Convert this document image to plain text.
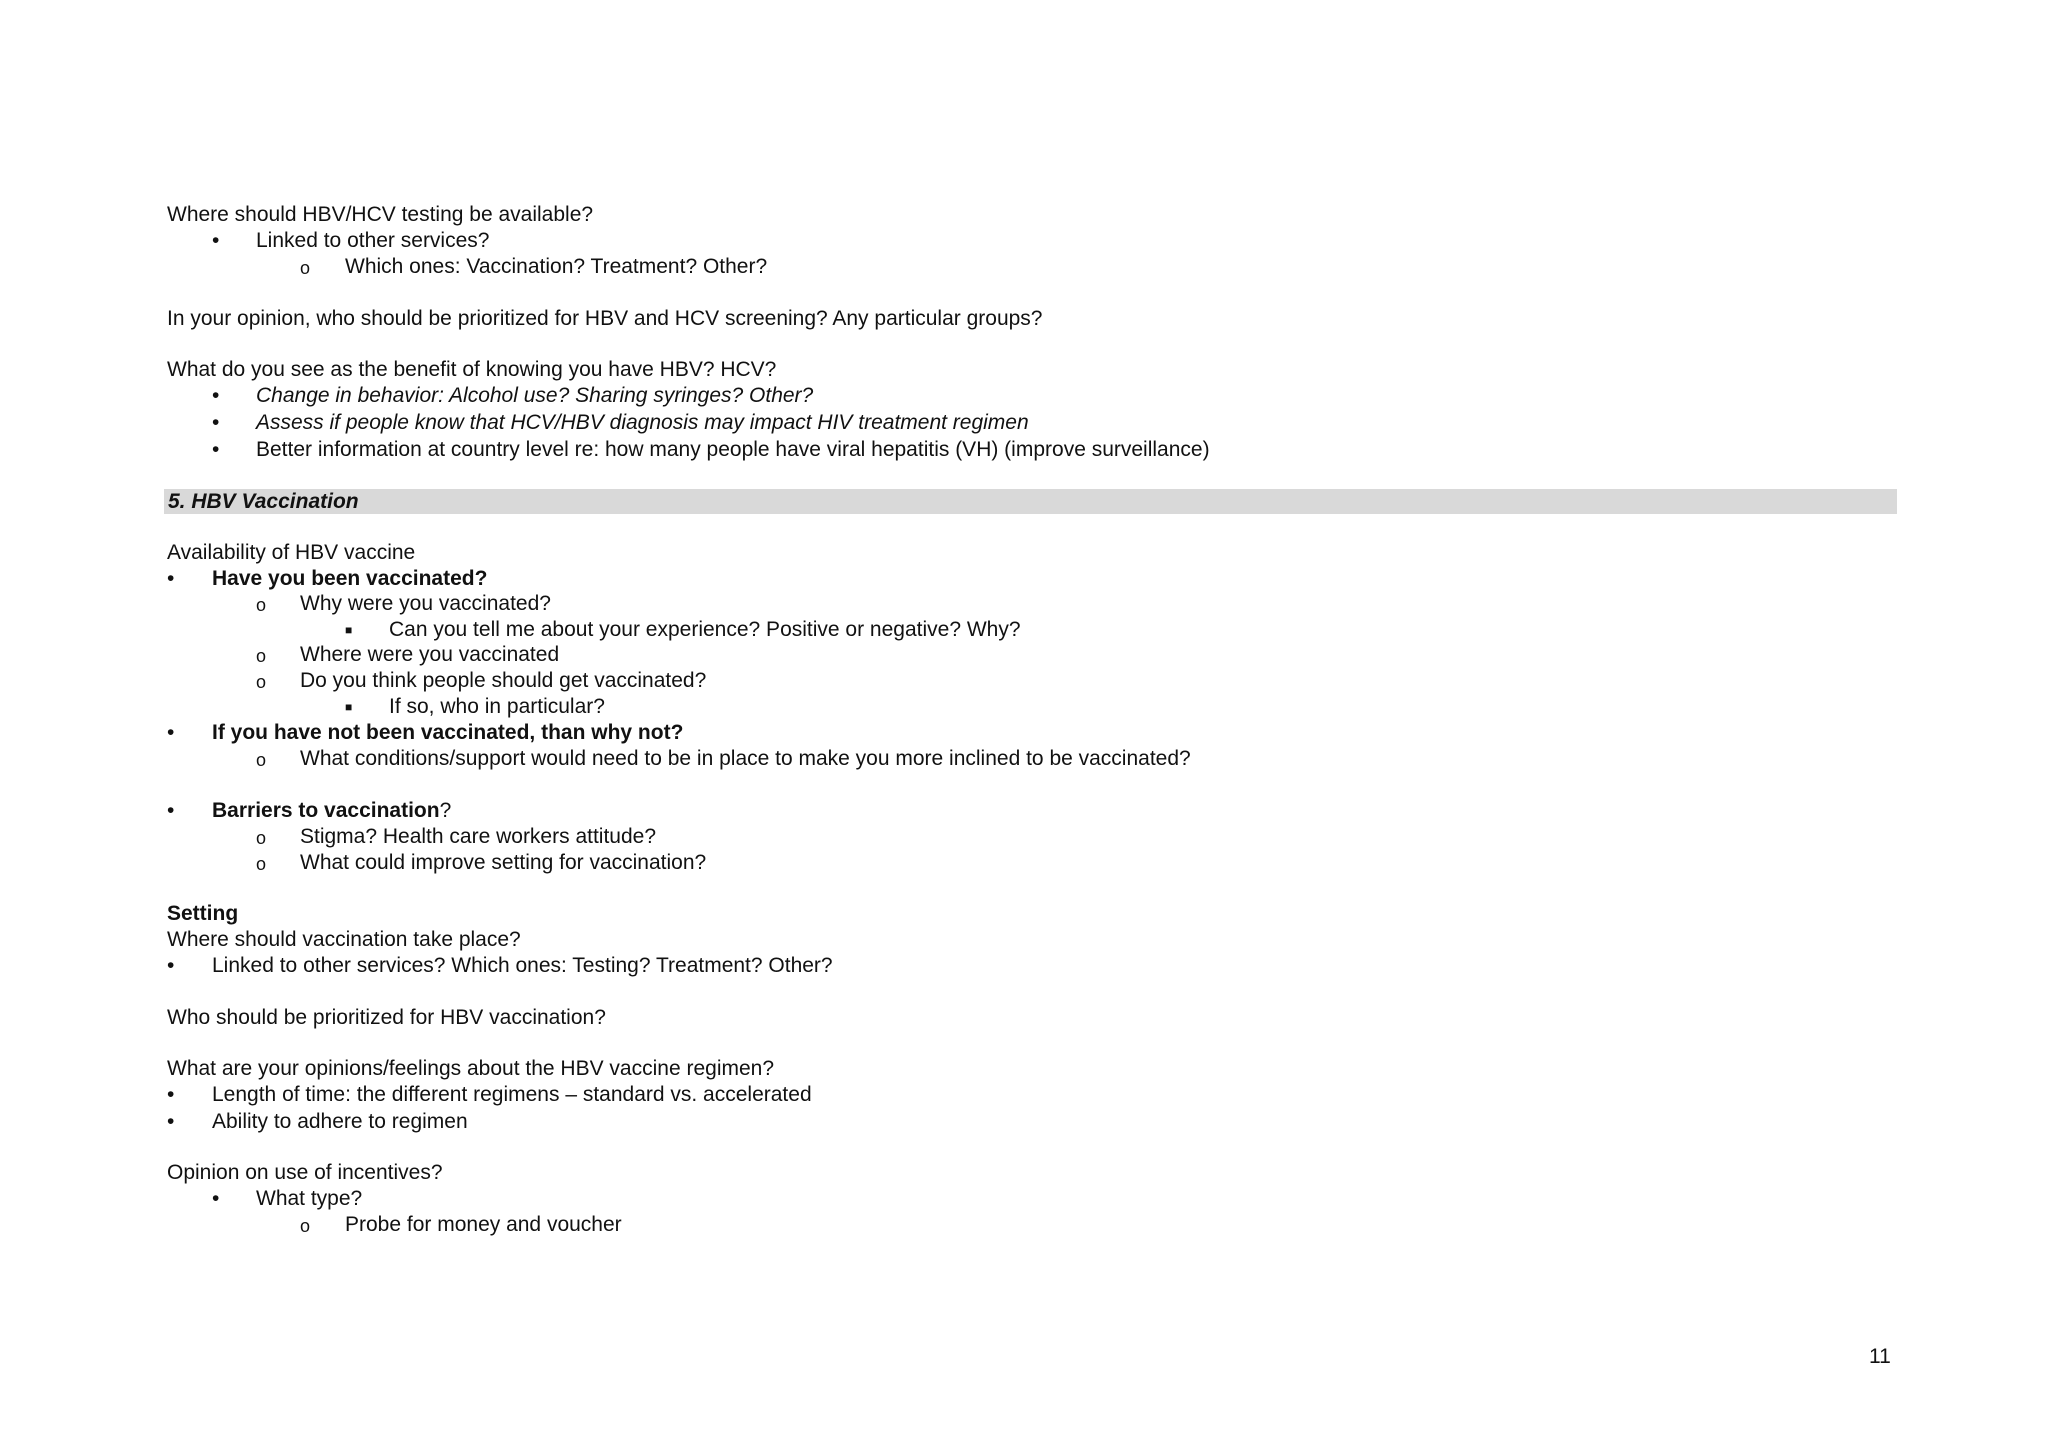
Where should HBV/HCV testing be available?
• Linked to other services?
o Which ones: Vaccination? Treatment? Other?
In your opinion, who should be prioritized for HBV and HCV screening? Any particular groups?
What do you see as the benefit of knowing you have HBV? HCV?
• Change in behavior: Alcohol use? Sharing syringes? Other?
• Assess if people know that HCV/HBV diagnosis may impact HIV treatment regimen
• Better information at country level re: how many people have viral hepatitis (VH) (improve surveillance)
5. HBV Vaccination
Availability of HBV vaccine
• Have you been vaccinated?
o Why were you vaccinated?
■ Can you tell me about your experience? Positive or negative? Why?
o Where were you vaccinated
o Do you think people should get vaccinated?
■ If so, who in particular?
• If you have not been vaccinated, than why not?
o What conditions/support would need to be in place to make you more inclined to be vaccinated?
• Barriers to vaccination?
o Stigma? Health care workers attitude?
o What could improve setting for vaccination?
Setting
Where should vaccination take place?
• Linked to other services? Which ones: Testing? Treatment? Other?
Who should be prioritized for HBV vaccination?
What are your opinions/feelings about the HBV vaccine regimen?
• Length of time: the different regimens – standard vs. accelerated
• Ability to adhere to regimen
Opinion on use of incentives?
• What type?
o Probe for money and voucher
11
